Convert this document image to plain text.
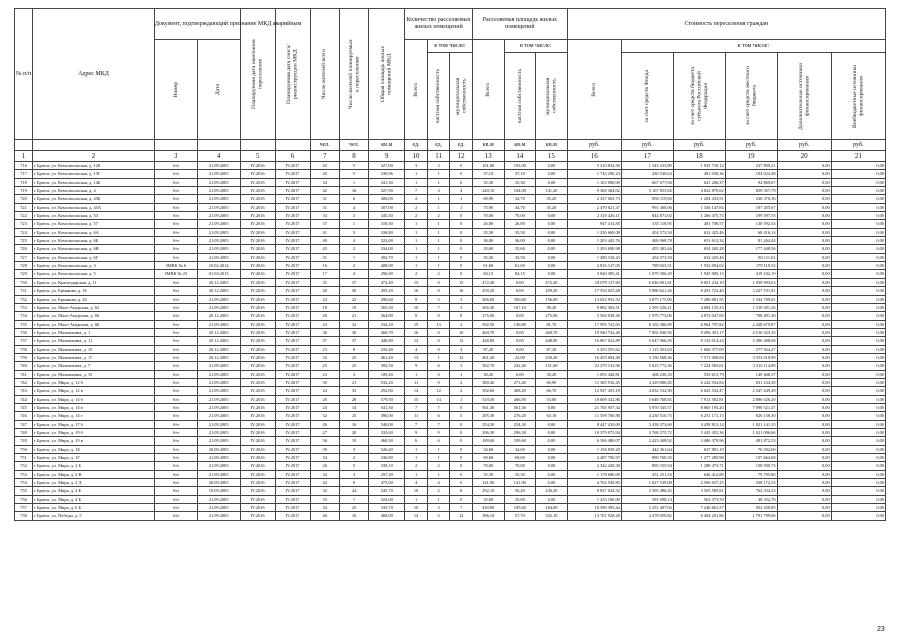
№ п/п	Адрес МКД	Документ, подтверждающий признание МКД аварийным		Планируемая дата окончания переселения	Планируемая дата сноса/реконструкции МКД	Число жителей всего	Число жителей планируемых к переселению	Общая площадь жилых помещений МКД	Количество расселяемых жилых помещений			Расселяемая площадь жилых помещений			Стоимость переселения граждан					

		Номер	Дата						Всего	в том числе:		Всего	в том числе:		Всего	в том числе:				

										частная собственность	муниципальная собственность		частная собственность	муниципальная собственность		за счет средств Фонда	за счет средств бюджета субъекта Российской Федерации	за счет средств местного бюджета	Дополнительные источники финансирования	Внебюджетные источники финансирования

						чел.	чел.	кв.м	ед.	ед.	ед.	кв.м	кв.м	кв.м	руб.	руб.	руб.	руб.	руб.	руб.
1	2	3	4	5	6	7	8	9	10	11	12	13	14	15	16	17	18	19	20	21
716	г Братск, ул. Комсомольская, д. 128	б/н	21.09.2005	IV.2016	IV.2017	43	5	327,00	3	3	0	101,00	103,00	0,00	5 310 834,56	1 343 233,89	1 935 739,12	237 899,21	0,00	0,00
717	г Братск, ул. Комсомольская, д. 13Г	б/н	21.09.2005	IV.2016	IV.2017	45	5	336,96	1	1	0	37,10	37,10	0,00	1 743 290,23	436 530,64	481 030,36	104 024,48	0,00	0,00
718	г Братск, ул. Комсомольская, д. 14Б	б/н	21.09.2005	IV.2016	IV.2017	34	1	341,30	1	1	0	35,30	35,30	0,00	1 103 090,00	667 677,06	641 266,37	92 869,67	0,00	0,00
719	г Братск, ул. Комсомольская, д. 4	б/н	21.09.2005	IV.2016	IV.2017	42	16	327,90	7	3	4	240,10	104,00	141,20	9 360 364,02	5 167 853,84	4 822 879,62	859 357,79	0,00	0,00
720	г Братск, ул. Комсомольская, д. 45Б	б/н	21.09.2005	IV.2016	IV.2017	31	6	406,00	2	1	1	69,90	34,70	35,20	2 337 063,73	894 119,84	1 204 433,91	238 370,36	0,00	0,00
721	г Братск, ул. Комсомольская, д. 45А	б/н	21.09.2005	IV.2016	IV.2017	31	4	307,00	2	1	1	75,90	34,70	35,20	2 470 621,37	991 360,06	1 336 147,84	197 455,67	0,00	0,00
722	г Братск, ул. Комсомольская, д. 53	б/н	21.09.2005	IV.2016	IV.2017	33	3	345,30	2	2	0	70,00	70,00	0,00	2 310 426,11	844 871,02	1 266 475,73	199 597,55	0,00	0,00
723	г Братск, ул. Комсомольская, д. 57	б/н	21.09.2005	IV.2016	IV.2017	37	1	318,30	1	1	0	26,80	26,80	0,00	947 414,85	335 118,95	481 708,57	130 592,33	0,00	0,00
724	г Братск, ул. Комсомольская, д. 6А	б/н	21.09.2005	IV.2016	IV.2017	41	5	338,80	1	1	0	35,50	35,50	0,00	1 250 669,08	454 573,50	632 425,46	68 416,14	0,00	0,00
725	г Братск, ул. Комсомольская, д. 6Б	б/н	21.09.2005	IV.2016	IV.2017	40	4	322,00	1	1	0	36,00	36,00	0,00	1 203 445,76	469 968,78	651 613,34	81 264,44	0,00	0,00
726	г Братск, ул. Комсомольская, д. 6В	б/н	21.09.2005	IV.2016	IV.2017	43	2	334,00	1	1	0	35,60	35,60	0,00	1 293 690,98	455 303,46	654 265,28	177 448,56	0,00	0,00
727	г Братск, ул. Комсомольская, д. 6Г	б/н	21.09.2005	IV.2016	IV.2017	31	1	492,70	1	1	0	35,50	35,50	0,00	1 280 310,43	454 573,50	632 425,46	80 111,61	0,00	0,00
728	г Братск, ул. Комсомольская, д. 3	ЗМВК № 6	10.02.2014	IV.2016	IV.2017	16	2	408,00	1	1	0	61,60	61,60	0,00	2 816 137,05	789 923,51	1 552 094,02	179 119,52	0,00	0,00
729	г Братск, ул. Комсомольская, д. 5	ЗМВК № 23	01.04.2015	IV.2016	IV.2017	17	4	296,00	2	2	0	84,15	84,15	0,00	3 840 385,41	1 079 396,29	1 945 905,13	419 102,19	0,00	0,00
730	г Братск, ул. Краснодарская, д. 11	б/н	20.12.2005	IV.2016	IV.2017	35	37	472,40	15	0	15	472,40	0,00	472,40	18 079 117,69	6 046 901,81	8 601 234,10	1 939 993,63	0,00	0,00
731	г Братск, ул. Ермакова, д. 16	б/н	20.12.2005	IV.2016	IV.2017	40	50	459,20	16	0	16	459,20	0,00	459,20	17 554 025,48	5 880 621,26	8 453 723,40	3 227 191,81	0,00	0,00
732	г Братск, ул. Ермакова, д. 24	б/н	21.09.2005	IV.2016	IV.2017	22	22	296,60	8	5	3	306,60	350,60	156,00	13 022 952,52	3 075 175,90	7 286 681,55	1 544 709,01	0,00	0,00
733	г Братск, ул. Мало-Амурская, д. 62	б/н	21.09.2005	IV.2016	IV.2017	18	19	265,30	10	7	3	265,30	167,10	98,20	9 882 363,51	2 395 326,21	4 884 135,23	1 310 501,26	0,00	0,00
734	г Братск, ул. Мало-Амурская, д. 60	б/н	20.12.2005	IV.2016	IV.2017	20	21	264,80	8	0	8	275,00	0,00	275,00	5 560 038,36	1 979 773,06	2 872 047,69	708 491,20	0,00	0,00
735	г Братск, ул. Мало-Амурская, д. 6Б	б/н	21.09.2005	IV.2016	IV.2017	23	32	334,20	15	13	2	392,50	130,80	81,70	17 995 741,93	8 102 386,89	6 964 797,82	2 428 679,87	0,00	0,00
736	г Братск, ул. Малышкина, д. 1	б/н	20.12.2005	IV.2016	IV.2017	36	30	460,70	16	0	16	460,70	0,00	460,70	19 940 742,40	7 902 840,50	9 496 301,17	4 516 525,35	0,00	0,00
737	г Братск, ул. Малышкина, д. 11	б/н	20.12.2005	IV.2016	IV.2017	37	37	448,80	13	0	13	448,80	0,00	448,80	16 867 022,89	5 647 966,50	8 133 014,24	3 396 488,68	0,00	0,00
738	г Братск, ул. Малышкина, д. 15	б/н	20.12.2005	IV.2016	IV.2017	23	8	235,40	4	0	4	87,20	0,00	87,20	3 353 555,62	1 115 353,63	1 660 377,09	577 924,47	0,00	0,00
739	г Братск, ул. Малышкина, д. 17	б/н	20.12.2005	IV.2016	IV.2017	32	25	461,20	13	1	12	461,20	22,00	439,20	16 455 684,48	5 150 568,36	7 571 068,84	3 553 018,99	0,00	0,00
740	г Братск, ул. Малышкина, д. 7	б/н	21.09.2005	IV.2016	IV.2017	25	25	392,30	9	6	3	392,70	242,40	151,60	22 279 132,96	5 023 772,36	7 224 565,61	3 216 114,89	0,00	0,00
741	г Братск, ул. Малышкина, д. 15	б/н	21.09.2005	IV.2016	IV.2017	23	3	189,40	1	0	1	30,20	0,00	30,20	1 095 446,81	368 236,35	553 615,79	149 468,37	0,00	0,00
742	г Братск, ул. Мира, д. 12 б	б/н	21.09.2005	IV.2016	IV.2017	39	21	532,20	11	9	2	380,40	273,40	60,90	11 385 916,45	4 329 886,45	6 224 934,84	831 234,38	0,00	0,00
743	г Братск, ул. Мира, д. 12 в	б/н	21.09.2005	IV.2016	IV.2017	24	33	292,80	14	12	2	392,60	408,20	66,70	12 927 435,18	4 632 532,90	6 643 532,47	2 547 649,28	0,00	0,00
744	г Братск, ул. Мира, д. 14 б	б/н	21.09.2005	IV.2016	IV.2017	20	28	579,50	15	14	1	519,50	466,50	53,00	18 609 332,86	5 648 768,83	7 913 582,81	2 886 026,20	0,00	0,00
745	г Братск, ул. Мира, д. 14 в	б/н	21.09.2005	IV.2016	IV.2017	24	14	541,30	7	7	0	561,30	561,30	0,00	21 765 957,34	5 970 345,57	8 865 195,20	7 090 521,47	0,00	0,00
746	г Братск, ул. Мира, д. 14 г	б/н	21.09.2005	IV.2016	IV.2017	32	25	396,00	11	6	5	295,30	276,20	63,10	11 559 760,88	4 230 510,73	6 251 171,15	826 138,30	0,00	0,00
747	г Братск, ул. Мира, д. 17 б	б/н	21.09.2005	IV.2016	IV.2017	26	16	540,00	7	7	0	254,30	254,30	0,00	8 447 410,00	3 438 373,69	4 458 813,14	1 021 141,35	0,00	0,00
748	г Братск, ул. Мира, д. 19 б	б/н	21.09.2005	IV.2016	IV.2017	27	20	335,60	9	9	0	296,30	296,30	0,00	10 379 075,94	3 768 375,72	5 445 455,36	1 021 096,66	0,00	0,00
749	г Братск, ул. Мира, д. 19 в	б/н	21.09.2005	IV.2016	IV.2017	36	10	460,50	6	6	0	189,60	189,60	0,00	6 396 480,07	2 423 408,92	3 486 379,96	491 872,53	0,00	0,00
750	г Братск, ул. Мира, д. 1Б	б/н	20.09.2005	IV.2016	IV.2017	39	3	526,40	1	1	0	34,60	34,60	0,00	1 156 839,20	442 361,64	637 881,19	76 592,69	0,00	0,00
751	г Братск, ул. Мира, д. 1Г	б/н	21.09.2005	IV.2016	IV.2017	34	2	336,80	1	1	0	69,60	69,60	0,00	2 287 706,97	889 760,35	1 277 285,98	157 664,68	0,00	0,00
752	г Братск, ул. Мира, д. 2 Б	б/н	21.09.2005	IV.2016	IV.2017	26	5	339,10	2	2	0	70,00	70,00	0,00	2 342 420,38	895 355,94	1 288 473,71	158 590,73	0,00	0,00
753	г Братск, ул. Мира, д. 2 В	б/н	21.09.2005	IV.2016	IV.2017	34	3	297,30	1	1	0	35,30	35,30	0,00	1 178 680,00	451 251,16	646 412,88	79 795,80	0,00	0,00
754	г Братск, ул. Мира, д. 2 Д	б/н	20.09.2005	IV.2016	IV.2017	42	9	475,00	4	4	0	141,90	141,90	0,00	4 762 549,85	1 827 539,08	2 596 637,25	338 172,33	0,00	0,00
755	г Братск, ул. Мира, д. 2 Е	б/н	18.09.2005	IV.2016	IV.2017	32	24	245,70	10	2	8	292,10	56,20	236,20	9 827 024,52	2 395 486,43	3 505 585,81	764 334,23	0,00	0,00
756	г Братск, ул. Мира, д. 4 Б	б/н	21.09.2005	IV.2016	IV.2017	33	1	324,00	1	1	0	35,60	35,60	0,00	1 233 180,00	391 098,14	563 373,59	48 352,78	0,00	0,00
757	г Братск, ул. Мира, д. 6 Б	б/н	21.09.2005	IV.2016	IV.2017	34	25	335,70	10	3	7	430,80	185,60	164,00	10 590 395,44	5 251 487,04	7 246 661,57	952 450,85	0,00	0,00
758	г Братск, ул. Победы, д. 5	б/н	21.09.2005	IV.2016	IV.2017	40	10	468,00	14	2	12	396,10	57,70	332,10	13 701 928,28	4 478 050,82	6 404 201,86	1 791 799,66	0,00	0,00
23
